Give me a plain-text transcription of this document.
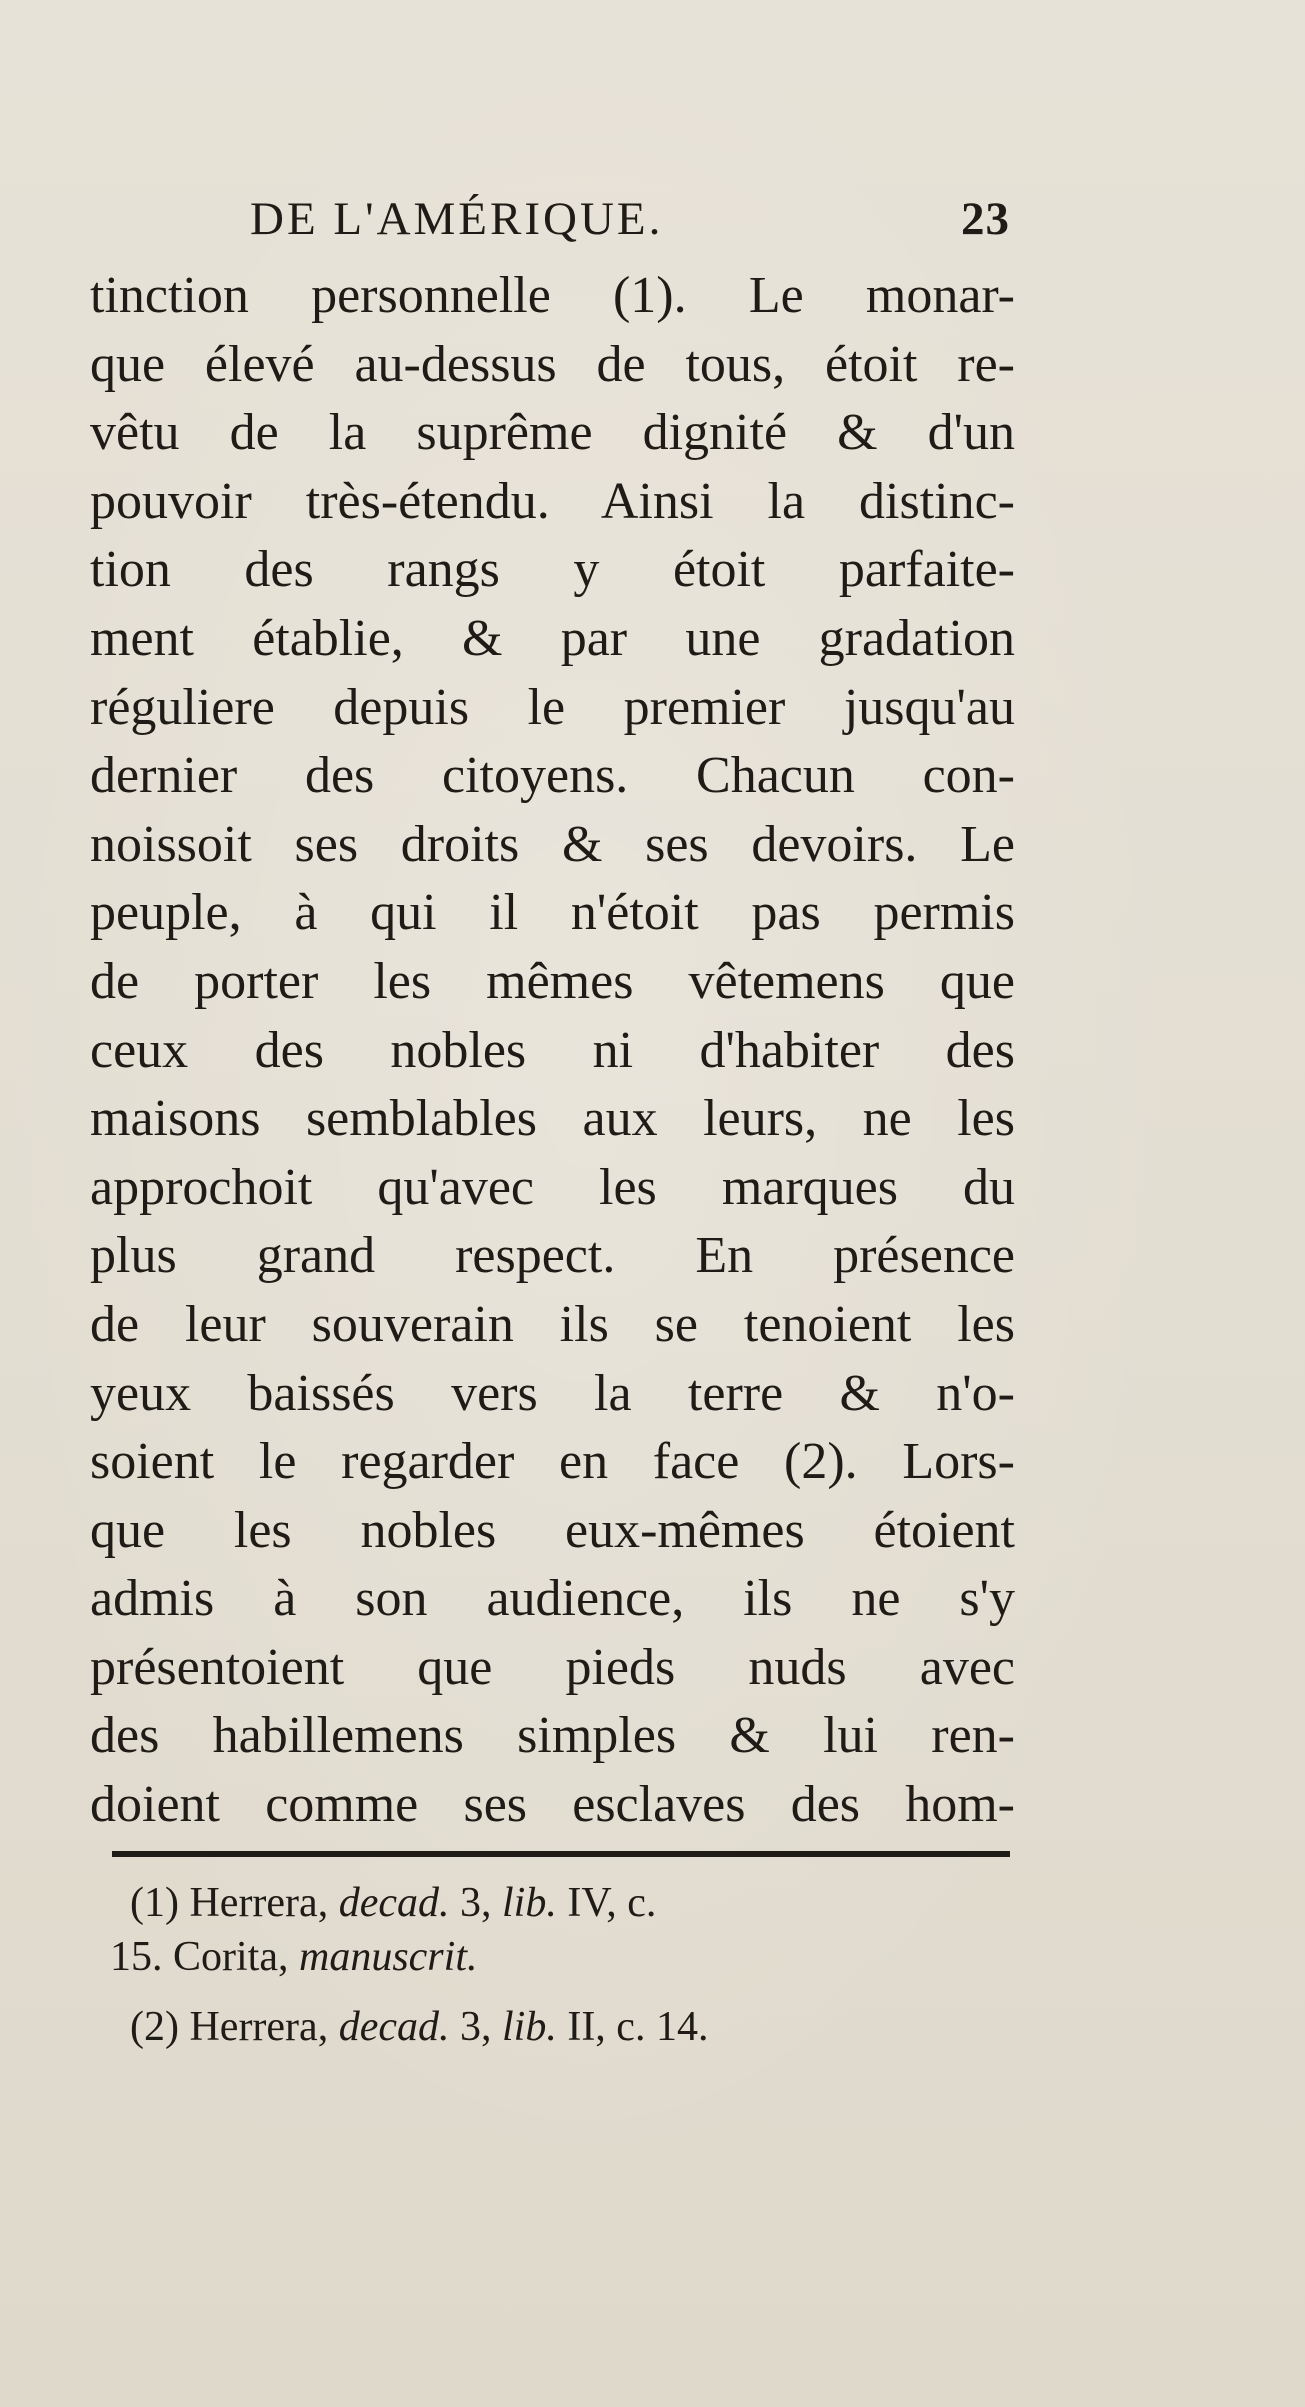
DE L'AMÉRIQUE.	23
tinction personnelle (1). Le monar-
que élevé au-dessus de tous, étoit re-
vêtu de la suprême dignité & d'un
pouvoir très-étendu. Ainsi la distinc-
tion des rangs y étoit parfaite-
ment établie, & par une gradation
réguliere depuis le premier jusqu'au
dernier des citoyens. Chacun con-
noissoit ses droits & ses devoirs. Le
peuple, à qui il n'étoit pas permis
de porter les mêmes vêtemens que
ceux des nobles ni d'habiter des
maisons semblables aux leurs, ne les
approchoit qu'avec les marques du
plus grand respect. En présence
de leur souverain ils se tenoient les
yeux baissés vers la terre & n'o-
soient le regarder en face (2). Lors-
que les nobles eux-mêmes étoient
admis à son audience, ils ne s'y
présentoient que pieds nuds avec
des habillemens simples & lui ren-
doient comme ses esclaves des hom-
(1) Herrera, decad. 3, lib. IV, c.
15. Corita, manuscrit.
(2) Herrera, decad. 3, lib. II, c. 14.
